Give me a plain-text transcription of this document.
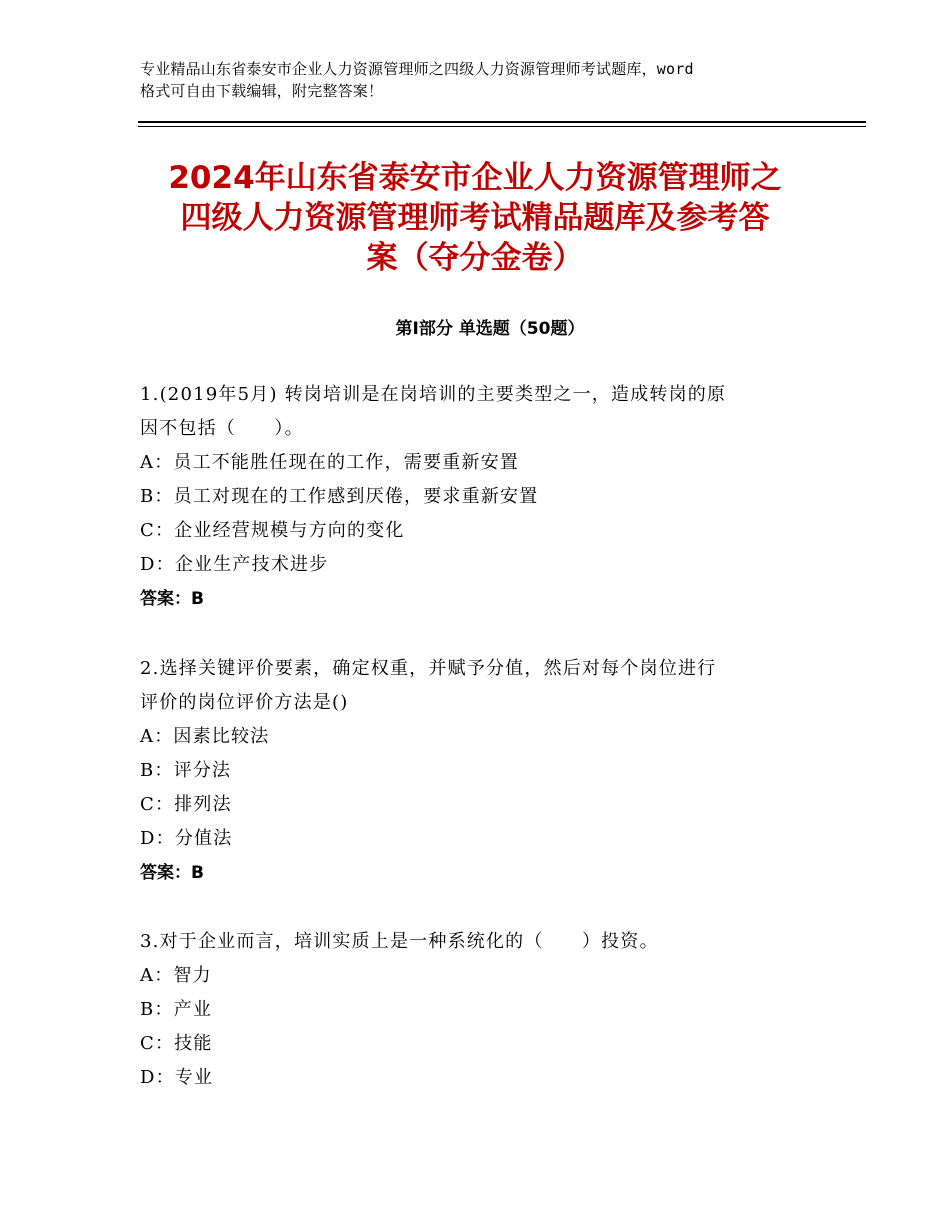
专业精品山东省泰安市企业人力资源管理师之四级人力资源管理师考试题库，word
格式可自由下载编辑，附完整答案！
2024年山东省泰安市企业人力资源管理师之
四级人力资源管理师考试精品题库及参考答
案（夺分金卷）
第Ⅰ部分 单选题（50题）
1.(2019年5月) 转岗培训是在岗培训的主要类型之一，造成转岗的原
因不包括（　　）。
A：员工不能胜任现在的工作，需要重新安置
B：员工对现在的工作感到厌倦，要求重新安置
C：企业经营规模与方向的变化
D：企业生产技术进步
答案：B
2.选择关键评价要素，确定权重，并赋予分值，然后对每个岗位进行
评价的岗位评价方法是()
A：因素比较法
B：评分法
C：排列法
D：分值法
答案：B
3.对于企业而言，培训实质上是一种系统化的（　　）投资。
A：智力
B：产业
C：技能
D：专业
